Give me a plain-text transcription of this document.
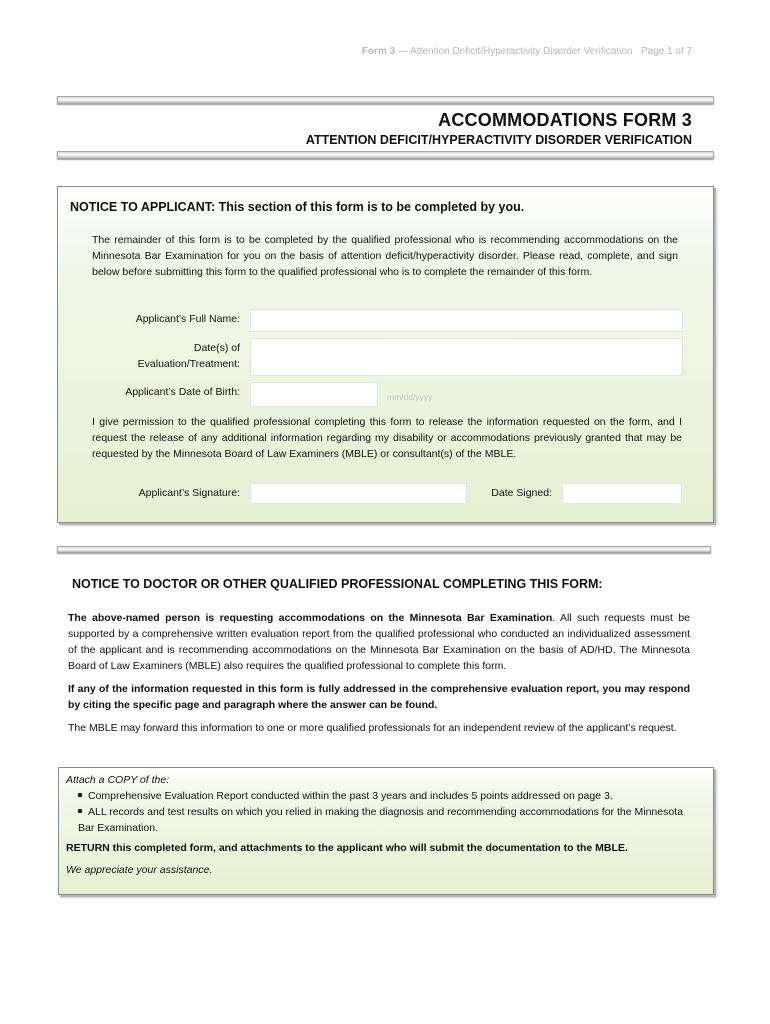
Form 3 — Attention Deficit/Hyperactivity Disorder Verification   Page 1 of 7
ACCOMMODATIONS FORM 3
ATTENTION DEFICIT/HYPERACTIVITY DISORDER VERIFICATION
NOTICE TO APPLICANT: This section of this form is to be completed by you.
The remainder of this form is to be completed by the qualified professional who is recommending accommodations on the Minnesota Bar Examination for you on the basis of attention deficit/hyperactivity disorder. Please read, complete, and sign below before submitting this form to the qualified professional who is to complete the remainder of this form.
Applicant’s Full Name:
Date(s) of
Evaluation/Treatment:
Applicant’s Date of Birth:	mm/dd/yyyy
I give permission to the qualified professional completing this form to release the information requested on the form, and I request the release of any additional information regarding my disability or accommodations previously granted that may be requested by the Minnesota Board of Law Examiners (MBLE) or consultant(s) of the MBLE.
Applicant’s Signature:	Date Signed:
NOTICE TO DOCTOR OR OTHER QUALIFIED PROFESSIONAL COMPLETING THIS FORM:
The above-named person is requesting accommodations on the Minnesota Bar Examination. All such requests must be supported by a comprehensive written evaluation report from the qualified professional who conducted an individualized assessment of the applicant and is recommending accommodations on the Minnesota Bar Examination on the basis of AD/HD. The Minnesota Board of Law Examiners (MBLE) also requires the qualified professional to complete this form.
If any of the information requested in this form is fully addressed in the comprehensive evaluation report, you may respond by citing the specific page and paragraph where the answer can be found.
The MBLE may forward this information to one or more qualified professionals for an independent review of the applicant’s request.
Attach a COPY of the:
Comprehensive Evaluation Report conducted within the past 3 years and includes 5 points addressed on page 3.
ALL records and test results on which you relied in making the diagnosis and recommending accommodations for the Minnesota Bar Examination.
RETURN this completed form, and attachments to the applicant who will submit the documentation to the MBLE.
We appreciate your assistance.
